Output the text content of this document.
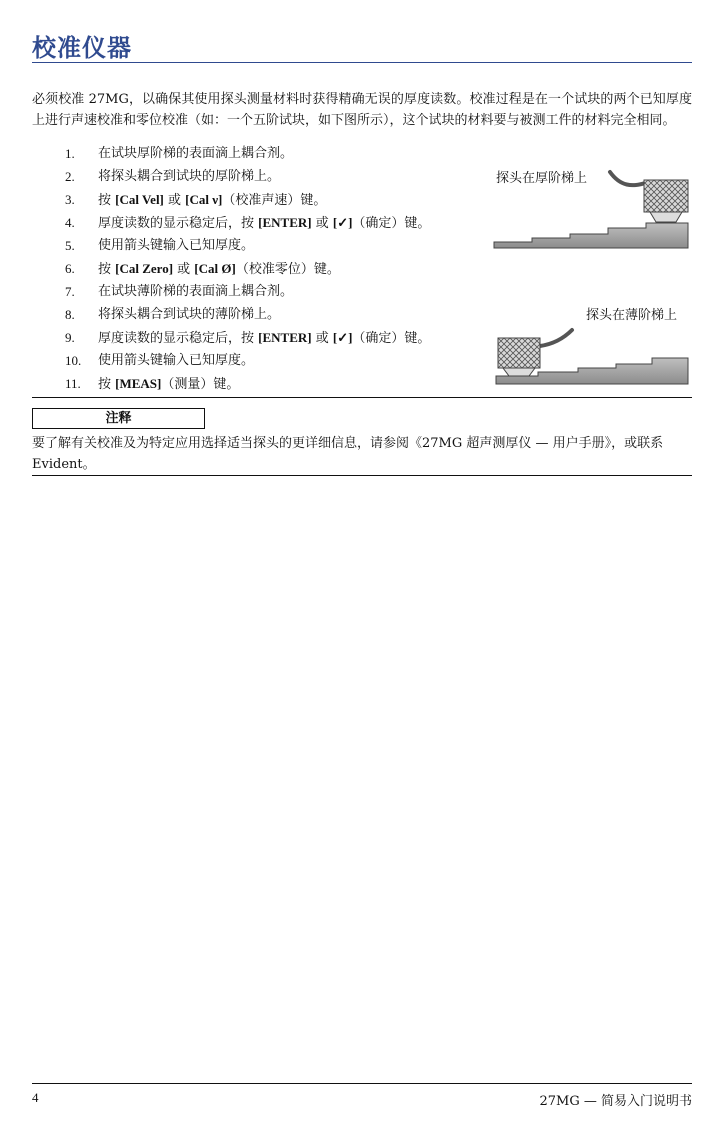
校准仪器

必须校准 27MG，以确保其使用探头测量材料时获得精确无误的厚度读数。校准过程是在一个试块的两个已知厚度上进行声速校准和零位校准（如：一个五阶试块，如下图所示），这个试块的材料要与被测工件的材料完全相同。

1.	在试块厚阶梯的表面滴上耦合剂。
2.	将探头耦合到试块的厚阶梯上。
3.	按 [Cal Vel] 或 [Cal ν]（校准声速）键。
4.	厚度读数的显示稳定后，按 [ENTER] 或 [✓]（确定）键。
5.	使用箭头键输入已知厚度。
6.	按 [Cal Zero] 或 [Cal Ø]（校准零位）键。
7.	在试块薄阶梯的表面滴上耦合剂。
8.	将探头耦合到试块的薄阶梯上。
9.	厚度读数的显示稳定后，按 [ENTER] 或 [✓]（确定）键。
10.	使用箭头键输入已知厚度。
11.	按 [MEAS]（测量）键。
探头在厚阶梯上
探头在薄阶梯上
注释

要了解有关校准及为特定应用选择适当探头的更详细信息，请参阅《27MG 超声测厚仪 — 用户手册》，或联系 Evident。

4	27MG — 简易入门说明书
